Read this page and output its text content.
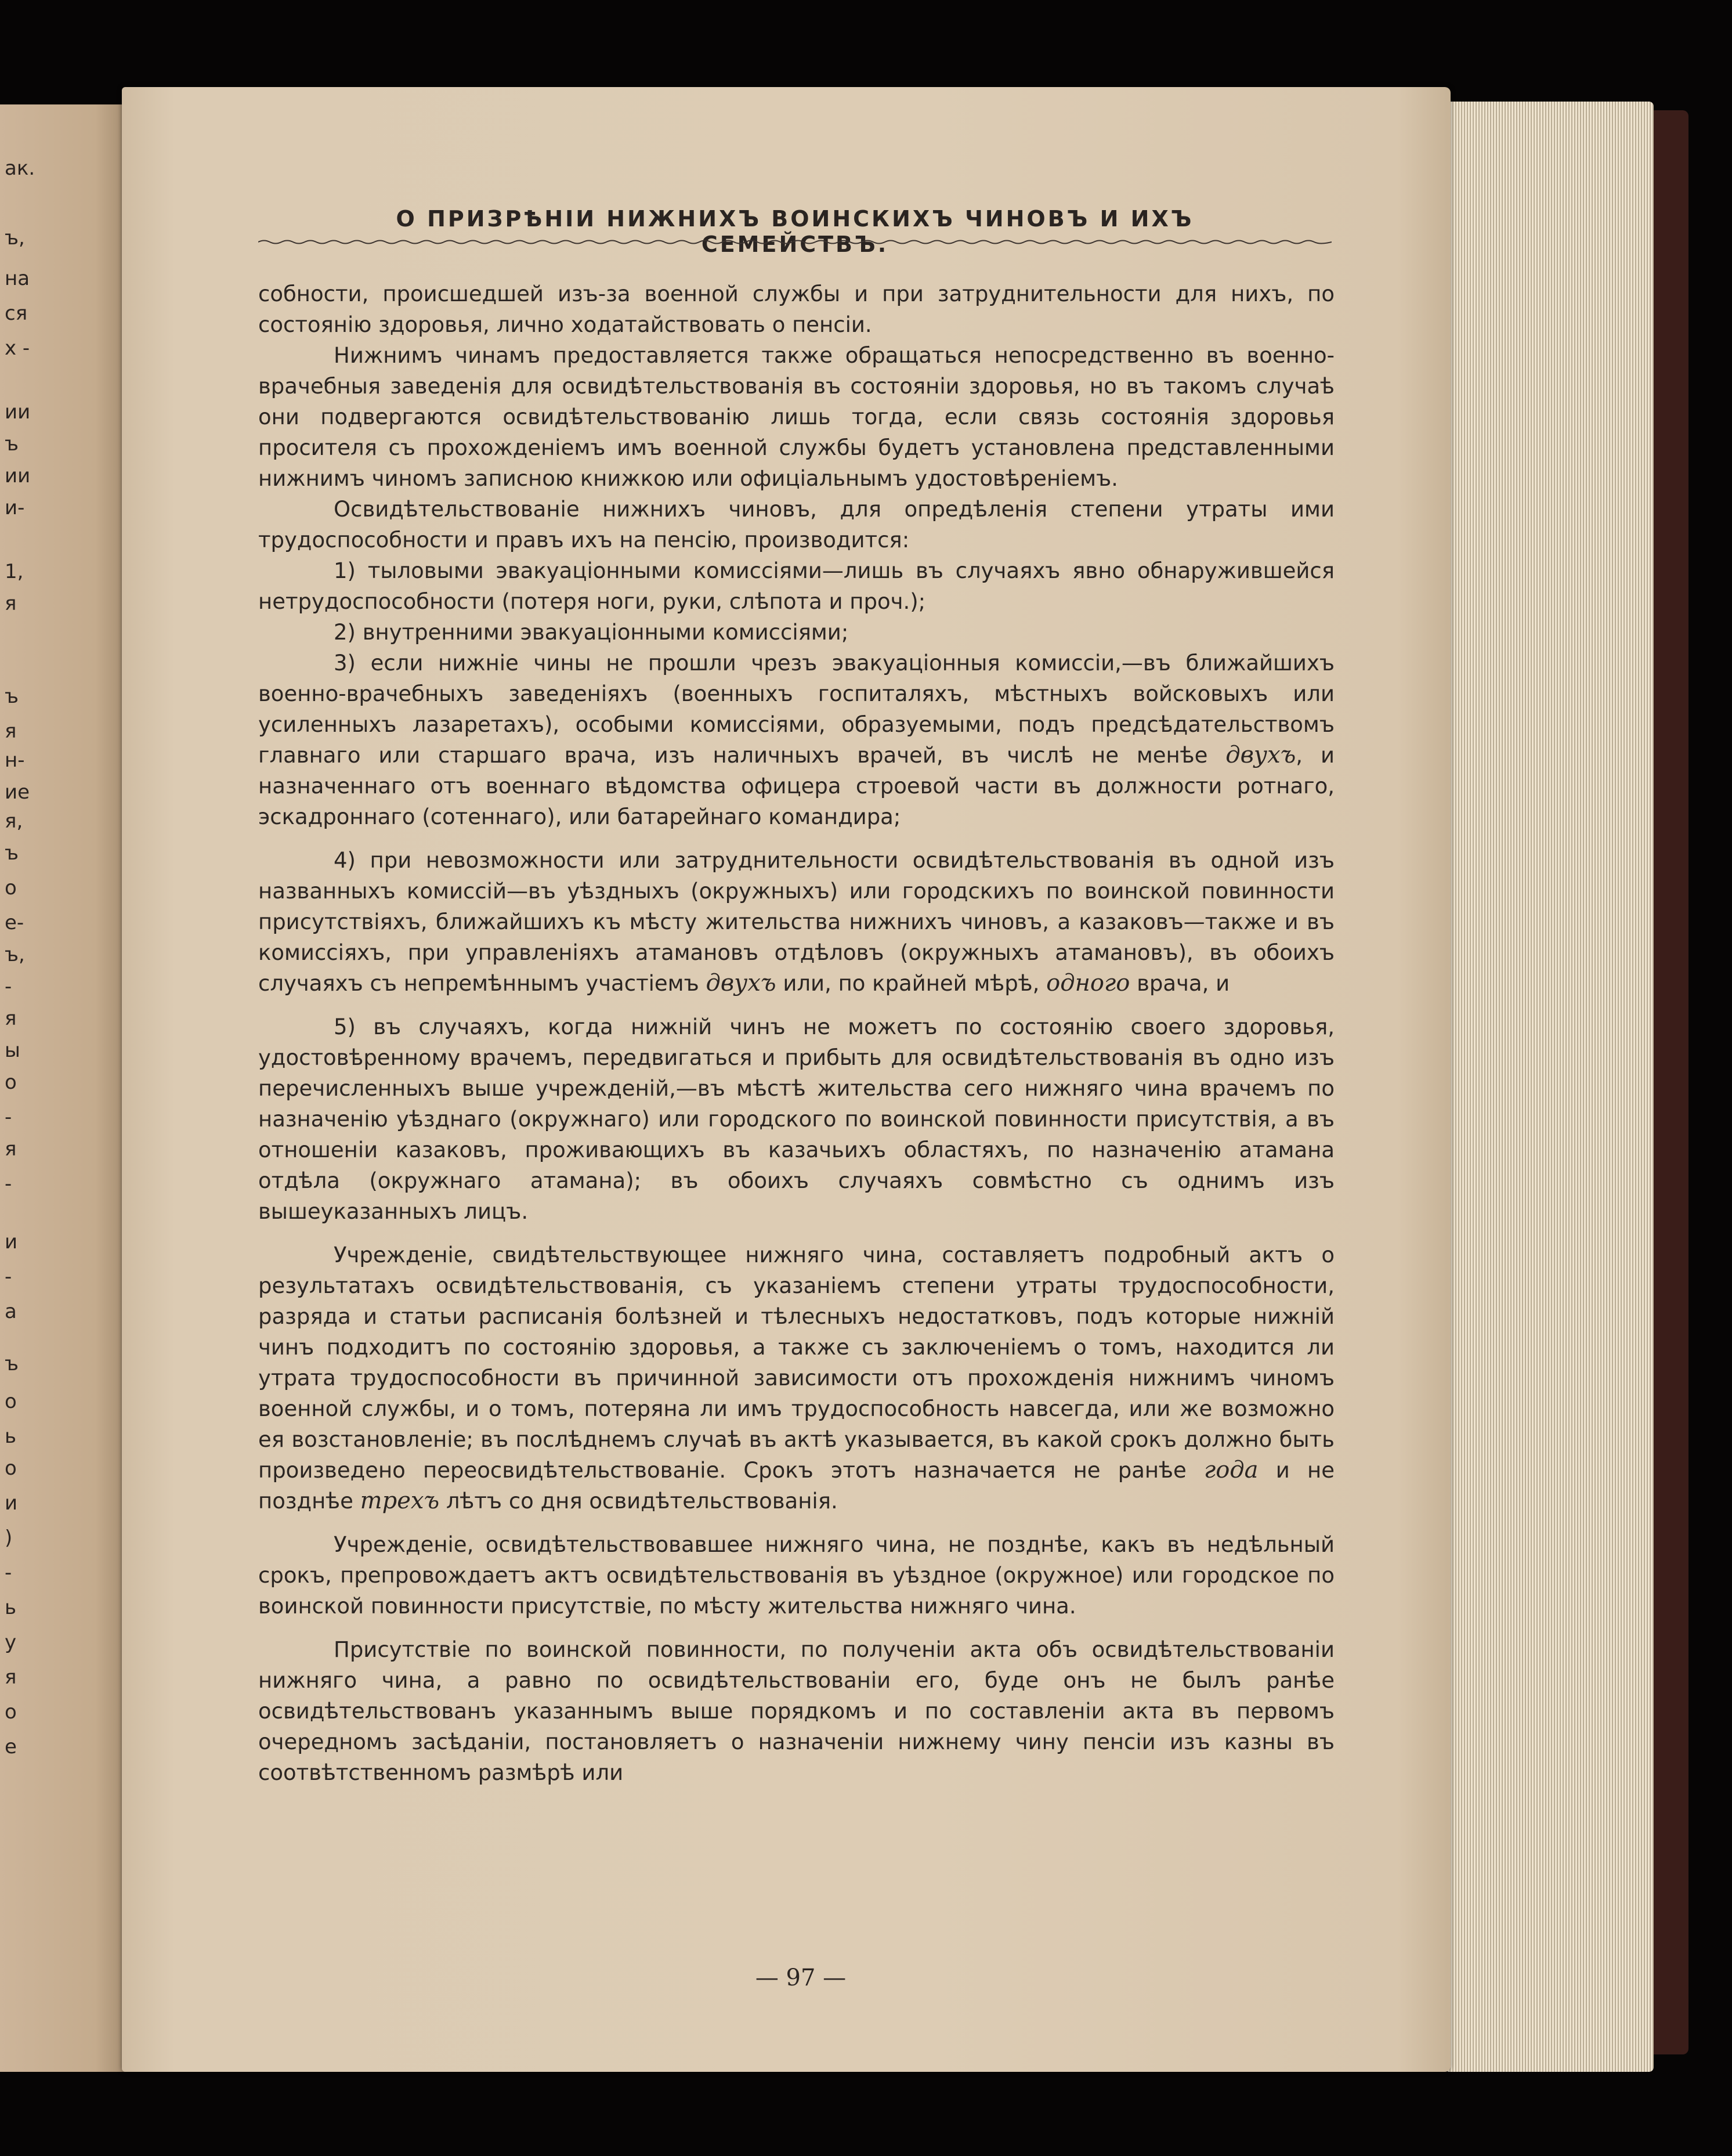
ак.
ъ,
на
ся
х -
ии
ъ
ии
и-
1,
я
ъ
я
н-
ие
я,
ъ
о
е-
ъ,
-
я
ы
о
-
я
-
и
-
а
ъ
о
ь
о
и
)
-
ь
у
я
о
е
О ПРИЗРѢНІИ НИЖНИХЪ ВОИНСКИХЪ ЧИНОВЪ И ИХЪ СЕМЕЙСТВЪ.

собности, происшедшей изъ-за военной службы и при затруднительности для нихъ, по состоянію здоровья, лично ходатайствовать о пенсіи.

Нижнимъ чинамъ предоставляется также обращаться непосредственно въ военно-врачебныя заведенія для освидѣтельствованія въ состояніи здоровья, но въ такомъ случаѣ они подвергаются освидѣтельствованію лишь тогда, если связь состоянія здоровья просителя съ прохожденіемъ имъ военной службы будетъ установлена представленными нижнимъ чиномъ записною книжкою или офиціальнымъ удостовѣреніемъ.

Освидѣтельствованіе нижнихъ чиновъ, для опредѣленія степени утраты ими трудоспособности и правъ ихъ на пенсію, производится:

1) тыловыми эвакуаціонными комиссіями—лишь въ случаяхъ явно обнаружившейся нетрудоспособности (потеря ноги, руки, слѣпота и проч.);

2) внутренними эвакуаціонными комиссіями;

3) если нижніе чины не прошли чрезъ эвакуаціонныя комиссіи,—въ ближайшихъ военно-врачебныхъ заведеніяхъ (военныхъ госпиталяхъ, мѣстныхъ войсковыхъ или усиленныхъ лазаретахъ), особыми комиссіями, образуемыми, подъ предсѣдательствомъ главнаго или старшаго врача, изъ наличныхъ врачей, въ числѣ не менѣе двухъ, и назначеннаго отъ военнаго вѣдомства офицера строевой части въ должности ротнаго, эскадроннаго (сотеннаго), или батарейнаго командира;

4) при невозможности или затруднительности освидѣтельствованія въ одной изъ названныхъ комиссій—въ уѣздныхъ (окружныхъ) или городскихъ по воинской повинности присутствіяхъ, ближайшихъ къ мѣсту жительства нижнихъ чиновъ, а казаковъ—также и въ комиссіяхъ, при управленіяхъ атамановъ отдѣловъ (окружныхъ атамановъ), въ обоихъ случаяхъ съ непремѣннымъ участіемъ двухъ или, по крайней мѣрѣ, одного врача, и

5) въ случаяхъ, когда нижній чинъ не можетъ по состоянію своего здоровья, удостовѣренному врачемъ, передвигаться и прибыть для освидѣтельствованія въ одно изъ перечисленныхъ выше учрежденій,—въ мѣстѣ жительства сего нижняго чина врачемъ по назначенію уѣзднаго (окружнаго) или городского по воинской повинности присутствія, а въ отношеніи казаковъ, проживающихъ въ казачьихъ областяхъ, по назначенію атамана отдѣла (окружнаго атамана); въ обоихъ случаяхъ совмѣстно съ однимъ изъ вышеуказанныхъ лицъ.

Учрежденіе, свидѣтельствующее нижняго чина, составляетъ подробный актъ о результатахъ освидѣтельствованія, съ указаніемъ степени утраты трудоспособности, разряда и статьи расписанія болѣзней и тѣлесныхъ недостатковъ, подъ которые нижній чинъ подходитъ по состоянію здоровья, а также съ заключеніемъ о томъ, находится ли утрата трудоспособности въ причинной зависимости отъ прохожденія нижнимъ чиномъ военной службы, и о томъ, потеряна ли имъ трудоспособность навсегда, или же возможно ея возстановленіе; въ послѣднемъ случаѣ въ актѣ указывается, въ какой срокъ должно быть произведено переосвидѣтельствованіе. Срокъ этотъ назначается не ранѣе года и не позднѣе трехъ лѣтъ со дня освидѣтельствованія.

Учрежденіе, освидѣтельствовавшее нижняго чина, не позднѣе, какъ въ недѣльный срокъ, препровождаетъ актъ освидѣтельствованія въ уѣздное (окружное) или городское по воинской повинности присутствіе, по мѣсту жительства нижняго чина.

Присутствіе по воинской повинности, по полученіи акта объ освидѣтельствованіи нижняго чина, а равно по освидѣтельствованіи его, буде онъ не былъ ранѣе освидѣтельствованъ указаннымъ выше порядкомъ и по составленіи акта въ первомъ очередномъ засѣданіи, постановляетъ о назначеніи нижнему чину пенсіи изъ казны въ соотвѣтственномъ размѣрѣ или

— 97 —
